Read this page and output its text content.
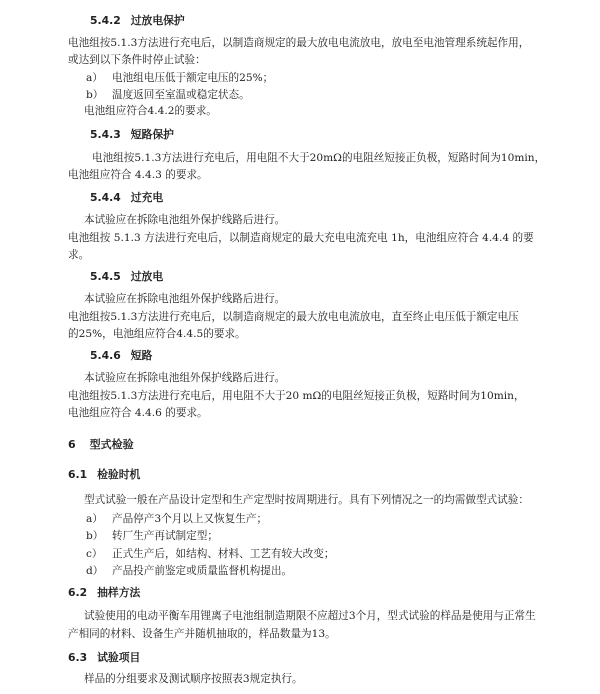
5.4.2 过放电保护
电池组按5.1.3方法进行充电后，以制造商规定的最大放电电流放电，放电至电池管理系统起作用，
或达到以下条件时停止试验：
a） 电池组电压低于额定电压的25%；
b） 温度返回至室温或稳定状态。
电池组应符合4.4.2的要求。
5.4.3 短路保护
电池组按5.1.3方法进行充电后，用电阻不大于20mΩ的电阻丝短接正负极，短路时间为10min，
电池组应符合 4.4.3 的要求。
5.4.4 过充电
本试验应在拆除电池组外保护线路后进行。
电池组按 5.1.3 方法进行充电后，以制造商规定的最大充电电流充电 1h，电池组应符合 4.4.4 的要
求。
5.4.5 过放电
本试验应在拆除电池组外保护线路后进行。
电池组按5.1.3方法进行充电后，以制造商规定的最大放电电流放电，直至终止电压低于额定电压
的25%，电池组应符合4.4.5的要求。
5.4.6 短路
本试验应在拆除电池组外保护线路后进行。
电池组按5.1.3方法进行充电后，用电阻不大于20 mΩ的电阻丝短接正负极，短路时间为10min，
电池组应符合 4.4.6 的要求。
6 型式检验
6.1 检验时机
型式试验一般在产品设计定型和生产定型时按周期进行。具有下列情况之一的均需做型式试验：
a） 产品停产3个月以上又恢复生产；
b） 转厂生产再试制定型；
c） 正式生产后，如结构、材料、工艺有较大改变；
d） 产品投产前鉴定或质量监督机构提出。
6.2 抽样方法
试验使用的电动平衡车用锂离子电池组制造期限不应超过3个月，型式试验的样品是使用与正常生
产相同的材料、设备生产并随机抽取的，样品数量为13。
6.3 试验项目
样品的分组要求及测试顺序按照表3规定执行。
